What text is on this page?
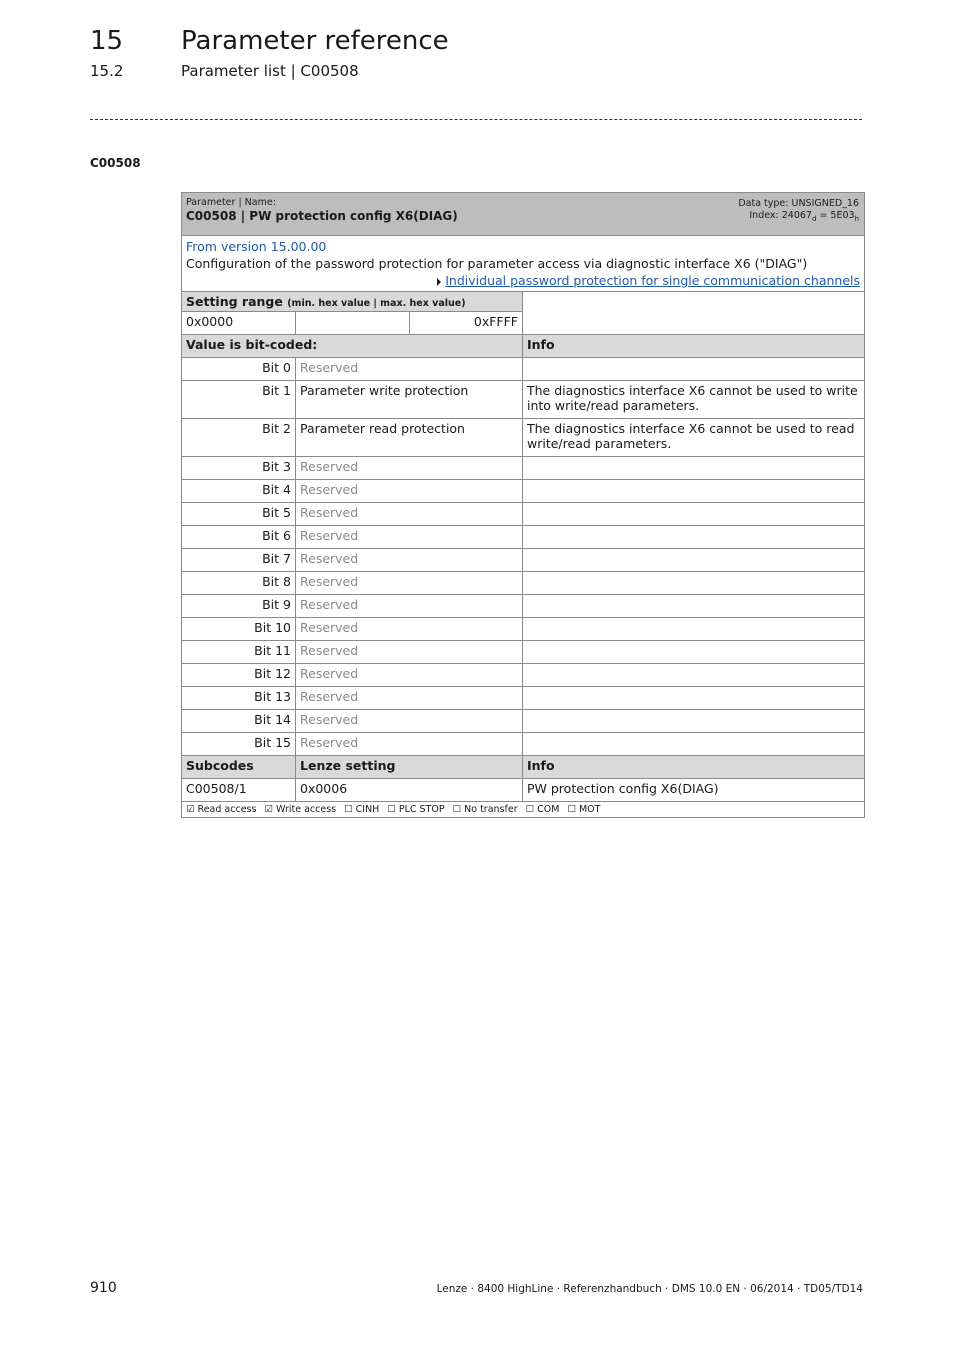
15 Parameter reference
15.2	Parameter list | C00508
C00508
Parameter | Name:
C00508 | PW protection config X6(DIAG)
Data type: UNSIGNED_16
Index: $24067_d = 5E03_h$

From version 15.00.00
Configuration of the password protection for parameter access via diagnostic interface X6 ("DIAG")
Individual password protection for single communication channels			

Setting range (min. hex value | max. hex value)			
0x0000		0xFFFF	
Value is bit-coded:			Info
Bit 0	Reserved		
Bit 1	Parameter write protection		The diagnostics interface X6 cannot be used to write into write/read parameters.
Bit 2	Parameter read protection		The diagnostics interface X6 cannot be used to read write/read parameters.
Bit 3	Reserved		
Bit 4	Reserved		
Bit 5	Reserved		
Bit 6	Reserved		
Bit 7	Reserved		
Bit 8	Reserved		
Bit 9	Reserved		
Bit 10	Reserved		
Bit 11	Reserved		
Bit 12	Reserved		
Bit 13	Reserved		
Bit 14	Reserved		
Bit 15	Reserved		
Subcodes	Lenze setting		Info
C00508/1	0x0006		PW protection config X6(DIAG)
☑ Read access ☑ Write access ☐ CINH ☐ PLC STOP ☐ No transfer ☐ COM ☐ MOT			
910	Lenze · 8400 HighLine · Referenzhandbuch · DMS 10.0 EN · 06/2014 · TD05/TD14
